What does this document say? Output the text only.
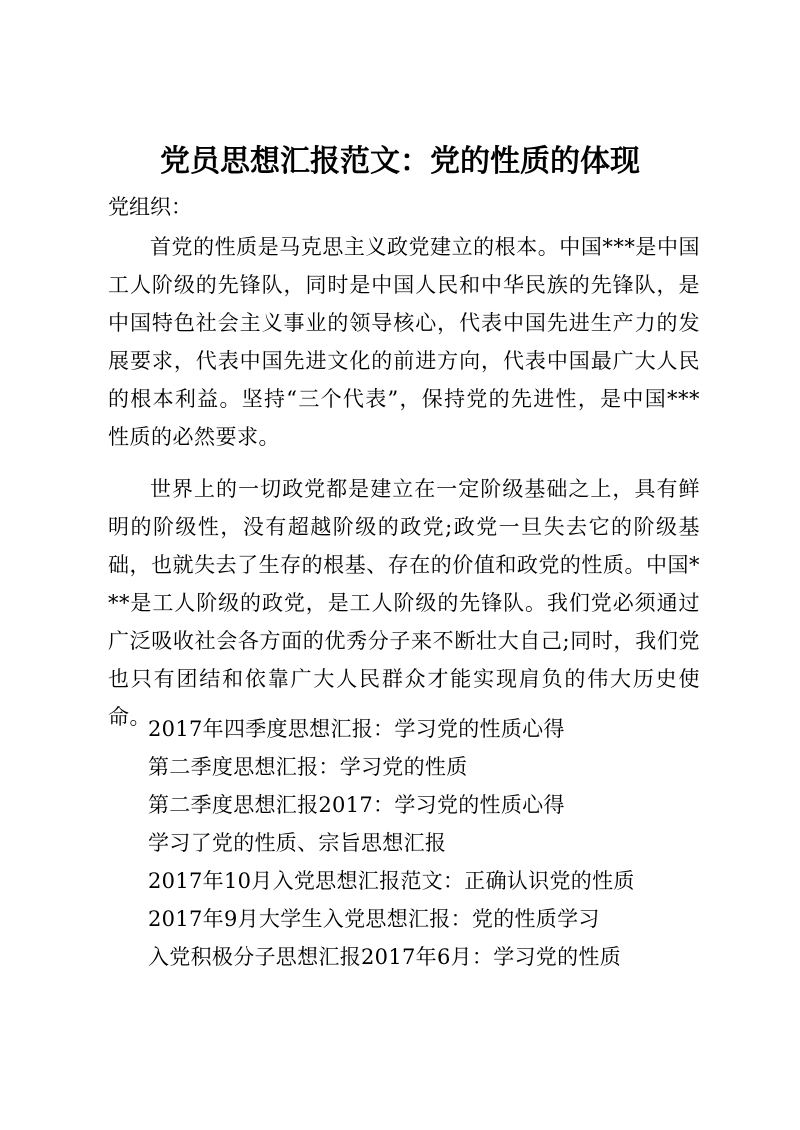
党员思想汇报范文：党的性质的体现
党组织：
首党的性质是马克思主义政党建立的根本。中国***是中国工人阶级的先锋队，同时是中国人民和中华民族的先锋队，是中国特色社会主义事业的领导核心，代表中国先进生产力的发展要求，代表中国先进文化的前进方向，代表中国最广大人民的根本利益。坚持“三个代表”，保持党的先进性，是中国***性质的必然要求。
世界上的一切政党都是建立在一定阶级基础之上，具有鲜明的阶级性，没有超越阶级的政党;政党一旦失去它的阶级基础，也就失去了生存的根基、存在的价值和政党的性质。中国***是工人阶级的政党，是工人阶级的先锋队。我们党必须通过广泛吸收社会各方面的优秀分子来不断壮大自己;同时，我们党也只有团结和依靠广大人民群众才能实现肩负的伟大历史使命。
2017年四季度思想汇报：学习党的性质心得
第二季度思想汇报：学习党的性质
第二季度思想汇报2017：学习党的性质心得
学习了党的性质、宗旨思想汇报
2017年10月入党思想汇报范文：正确认识党的性质
2017年9月大学生入党思想汇报：党的性质学习
入党积极分子思想汇报2017年6月：学习党的性质
